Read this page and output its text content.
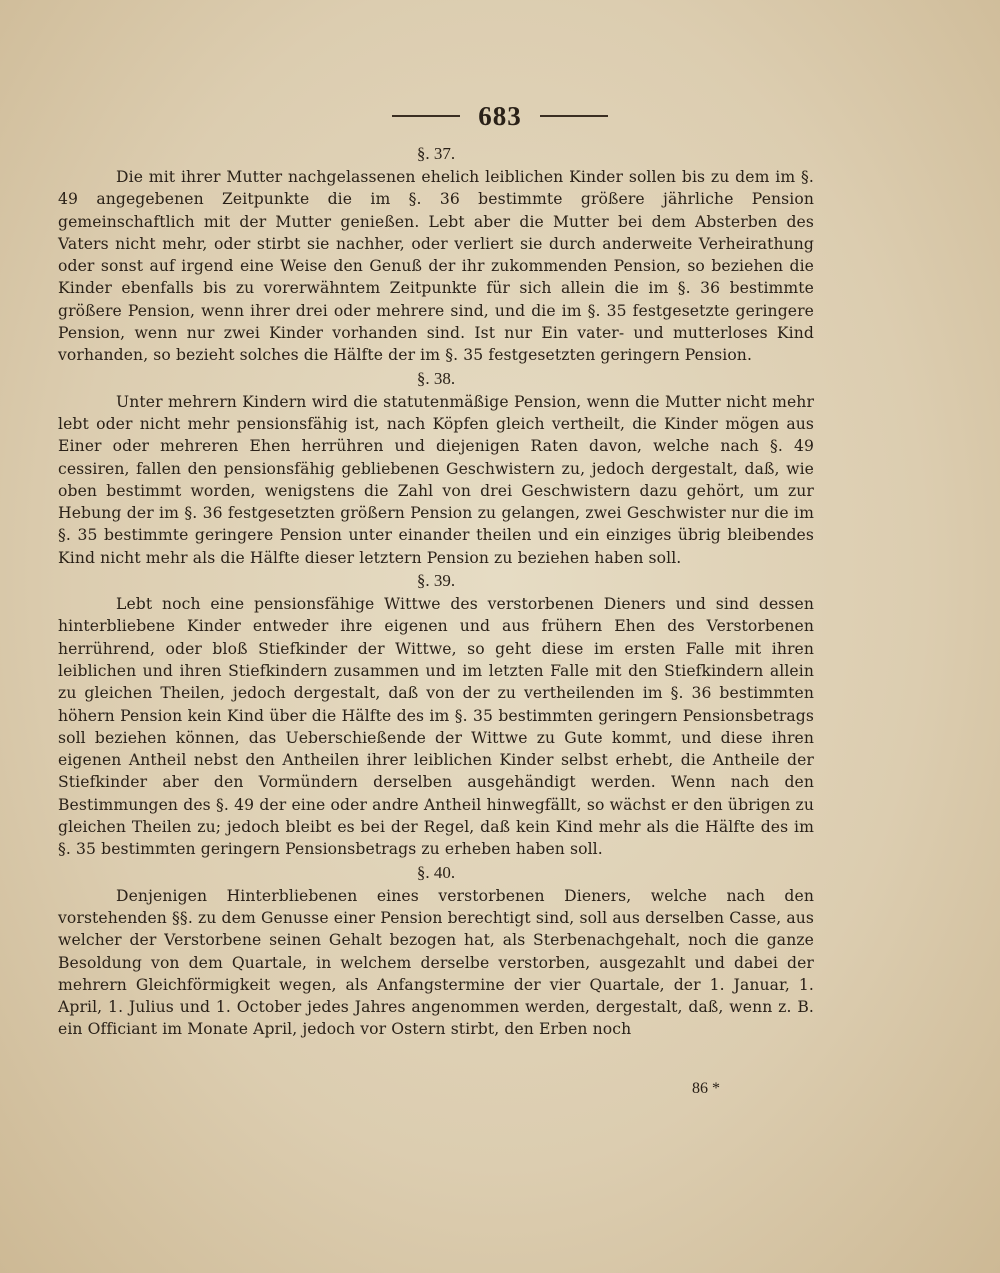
683

§. 37.

Die mit ihrer Mutter nachgelassenen ehelich leiblichen Kinder sollen bis zu dem im §. 49 angegebenen Zeitpunkte die im §. 36 bestimmte größere jährliche Pension gemeinschaftlich mit der Mutter genießen. Lebt aber die Mutter bei dem Absterben des Vaters nicht mehr, oder stirbt sie nachher, oder verliert sie durch anderweite Verheirathung oder sonst auf irgend eine Weise den Genuß der ihr zukommenden Pension, so beziehen die Kinder ebenfalls bis zu vorerwähntem Zeitpunkte für sich allein die im §. 36 bestimmte größere Pension, wenn ihrer drei oder mehrere sind, und die im §. 35 festgesetzte geringere Pension, wenn nur zwei Kinder vorhanden sind. Ist nur Ein vater- und mutterloses Kind vorhanden, so bezieht solches die Hälfte der im §. 35 festgesetzten geringern Pension.

§. 38.

Unter mehrern Kindern wird die statutenmäßige Pension, wenn die Mutter nicht mehr lebt oder nicht mehr pensionsfähig ist, nach Köpfen gleich vertheilt, die Kinder mögen aus Einer oder mehreren Ehen herrühren und diejenigen Raten davon, welche nach §. 49 cessiren, fallen den pensionsfähig gebliebenen Geschwistern zu, jedoch dergestalt, daß, wie oben bestimmt worden, wenigstens die Zahl von drei Geschwistern dazu gehört, um zur Hebung der im §. 36 festgesetzten größern Pension zu gelangen, zwei Geschwister nur die im §. 35 bestimmte geringere Pension unter einander theilen und ein einziges übrig bleibendes Kind nicht mehr als die Hälfte dieser letztern Pension zu beziehen haben soll.

§. 39.

Lebt noch eine pensionsfähige Wittwe des verstorbenen Dieners und sind dessen hinterbliebene Kinder entweder ihre eigenen und aus frühern Ehen des Verstorbenen herrührend, oder bloß Stiefkinder der Wittwe, so geht diese im ersten Falle mit ihren leiblichen und ihren Stiefkindern zusammen und im letzten Falle mit den Stiefkindern allein zu gleichen Theilen, jedoch dergestalt, daß von der zu vertheilenden im §. 36 bestimmten höhern Pension kein Kind über die Hälfte des im §. 35 bestimmten geringern Pensionsbetrags soll beziehen können, das Ueberschießende der Wittwe zu Gute kommt, und diese ihren eigenen Antheil nebst den Antheilen ihrer leiblichen Kinder selbst erhebt, die Antheile der Stiefkinder aber den Vormündern derselben ausgehändigt werden. Wenn nach den Bestimmungen des §. 49 der eine oder andre Antheil hinwegfällt, so wächst er den übrigen zu gleichen Theilen zu; jedoch bleibt es bei der Regel, daß kein Kind mehr als die Hälfte des im §. 35 bestimmten geringern Pensionsbetrags zu erheben haben soll.

§. 40.

Denjenigen Hinterbliebenen eines verstorbenen Dieners, welche nach den vorstehenden §§. zu dem Genusse einer Pension berechtigt sind, soll aus derselben Casse, aus welcher der Verstorbene seinen Gehalt bezogen hat, als Sterbenachgehalt, noch die ganze Besoldung von dem Quartale, in welchem derselbe verstorben, ausgezahlt und dabei der mehrern Gleichförmigkeit wegen, als Anfangstermine der vier Quartale, der 1. Januar, 1. April, 1. Julius und 1. October jedes Jahres angenommen werden, dergestalt, daß, wenn z. B. ein Officiant im Monate April, jedoch vor Ostern stirbt, den Erben noch

86 *
